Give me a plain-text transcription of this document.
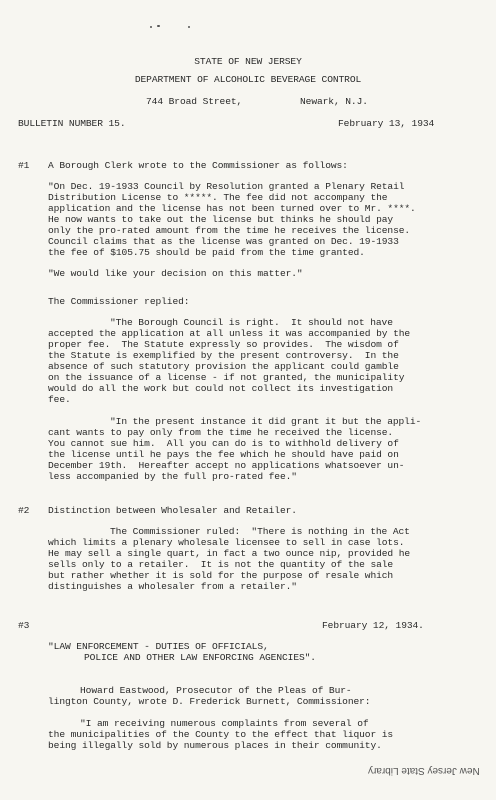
STATE OF NEW JERSEY
DEPARTMENT OF ALCOHOLIC BEVERAGE CONTROL
744 Broad Street,	Newark, N.J.
BULLETIN NUMBER 15.	February 13, 1934
#1 A Borough Clerk wrote to the Commissioner as follows:
"On Dec. 19-1933 Council by Resolution granted a Plenary Retail
Distribution License to *****. The fee did not accompany the
application and the license has not been turned over to Mr. ****.
He now wants to take out the license but thinks he should pay
only the pro-rated amount from the time he receives the license.
Council claims that as the license was granted on Dec. 19-1933
the fee of $105.75 should be paid from the time granted.
"We would like your decision on this matter."
The Commissioner replied:
"The Borough Council is right.  It should not have
accepted the application at all unless it was accompanied by the
proper fee.  The Statute expressly so provides.  The wisdom of
the Statute is exemplified by the present controversy.  In the
absence of such statutory provision the applicant could gamble
on the issuance of a license - if not granted, the municipality
would do all the work but could not collect its investigation
fee.
"In the present instance it did grant it but the appli-
cant wants to pay only from the time he received the license.
You cannot sue him.  All you can do is to withhold delivery of
the license until he pays the fee which he should have paid on
December 19th.  Hereafter accept no applications whatsoever un-
less accompanied by the full pro-rated fee."
#2 Distinction between Wholesaler and Retailer.
The Commissioner ruled:  "There is nothing in the Act
which limits a plenary wholesale licensee to sell in case lots.
He may sell a single quart, in fact a two ounce nip, provided he
sells only to a retailer.  It is not the quantity of the sale
but rather whether it is sold for the purpose of resale which
distinguishes a wholesaler from a retailer."
#3	February 12, 1934.
"LAW ENFORCEMENT - DUTIES OF OFFICIALS,
POLICE AND OTHER LAW ENFORCING AGENCIES".
Howard Eastwood, Prosecutor of the Pleas of Bur-
lington County, wrote D. Frederick Burnett, Commissioner:
"I am receiving numerous complaints from several of
the municipalities of the County to the effect that liquor is
being illegally sold by numerous places in their community.
New Jersey State Library
